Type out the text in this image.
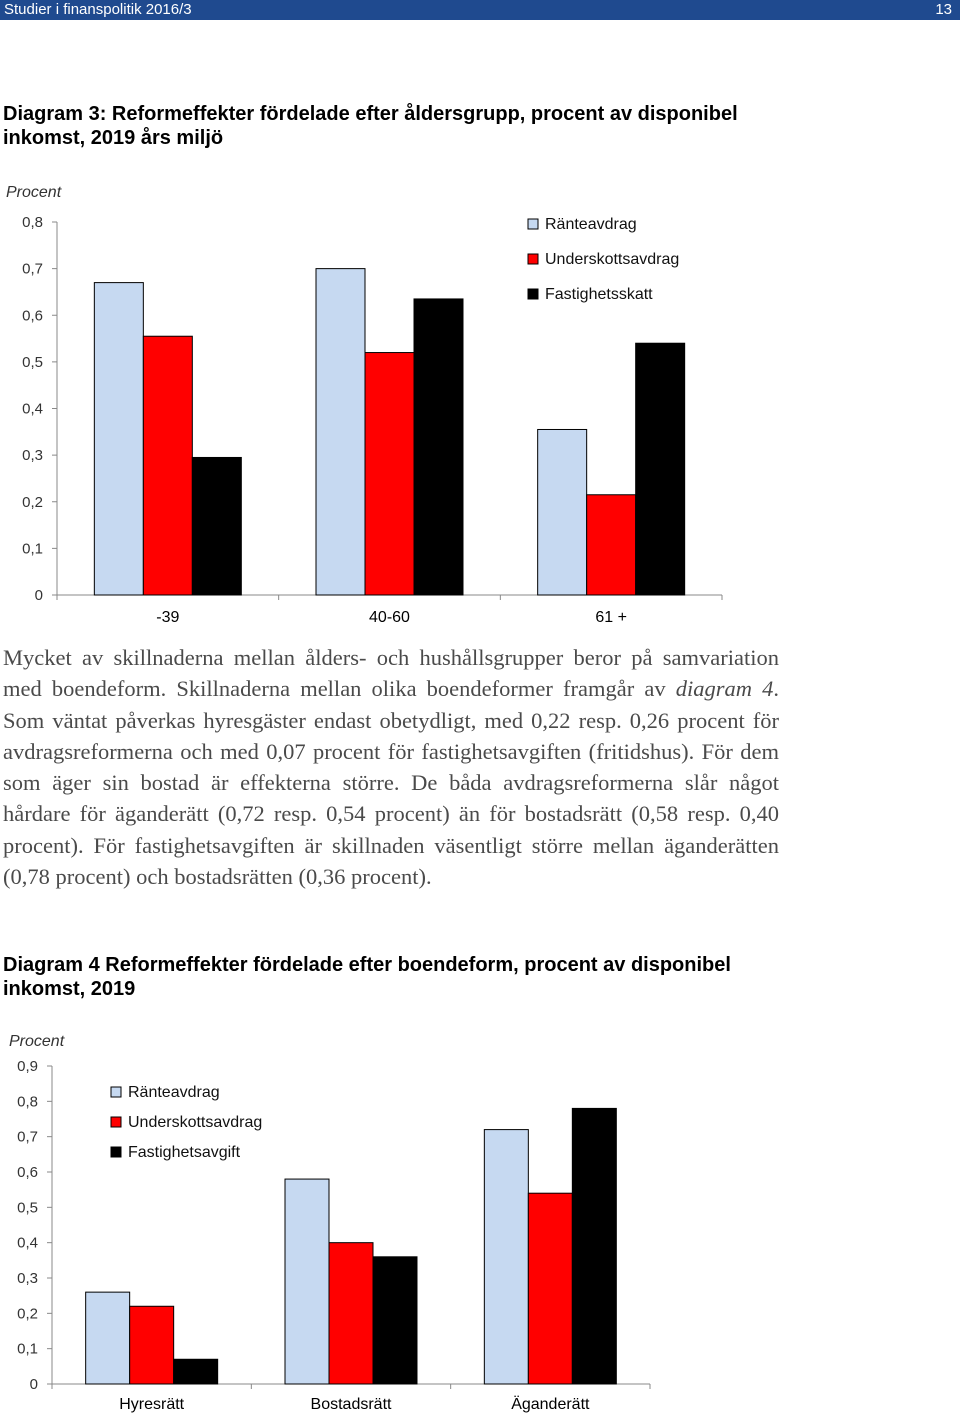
Studier i finanspolitik 2016/3	13
Diagram 3: Reformeffekter fördelade efter åldersgrupp, procent av disponibel inkomst, 2019 års miljö
Procent
0
0,1
0,2
0,3
0,4
0,5
0,6
0,7
0,8
-39	40-60	61 +
Ränteavdrag
Underskottsavdrag
Fastighetsskatt

Mycket av skillnaderna mellan ålders- och hushållsgrupper beror på samvariation med boendeform. Skillnaderna mellan olika boendeformer framgår av diagram 4. Som väntat påverkas hyresgäster endast obetydligt, med 0,22 resp. 0,26 procent för avdragsreformerna och med 0,07 procent för fastighetsavgiften (fritidshus). För dem som äger sin bostad är effekterna större. De båda avdragsreformerna slår något hårdare för äganderätt (0,72 resp. 0,54 procent) än för bostadsrätt (0,58 resp. 0,40 procent). För fastighetsavgiften är skillnaden väsentligt större mellan äganderätten (0,78 procent) och bostadsrätten (0,36 procent).

Diagram 4 Reformeffekter fördelade efter boendeform, procent av disponibel inkomst, 2019
Procent
0
0,1
0,2
0,3
0,4
0,5
0,6
0,7
0,8
0,9
Hyresrätt	Bostadsrätt	Äganderätt
Ränteavdrag
Underskottsavdrag
Fastighetsavgift
